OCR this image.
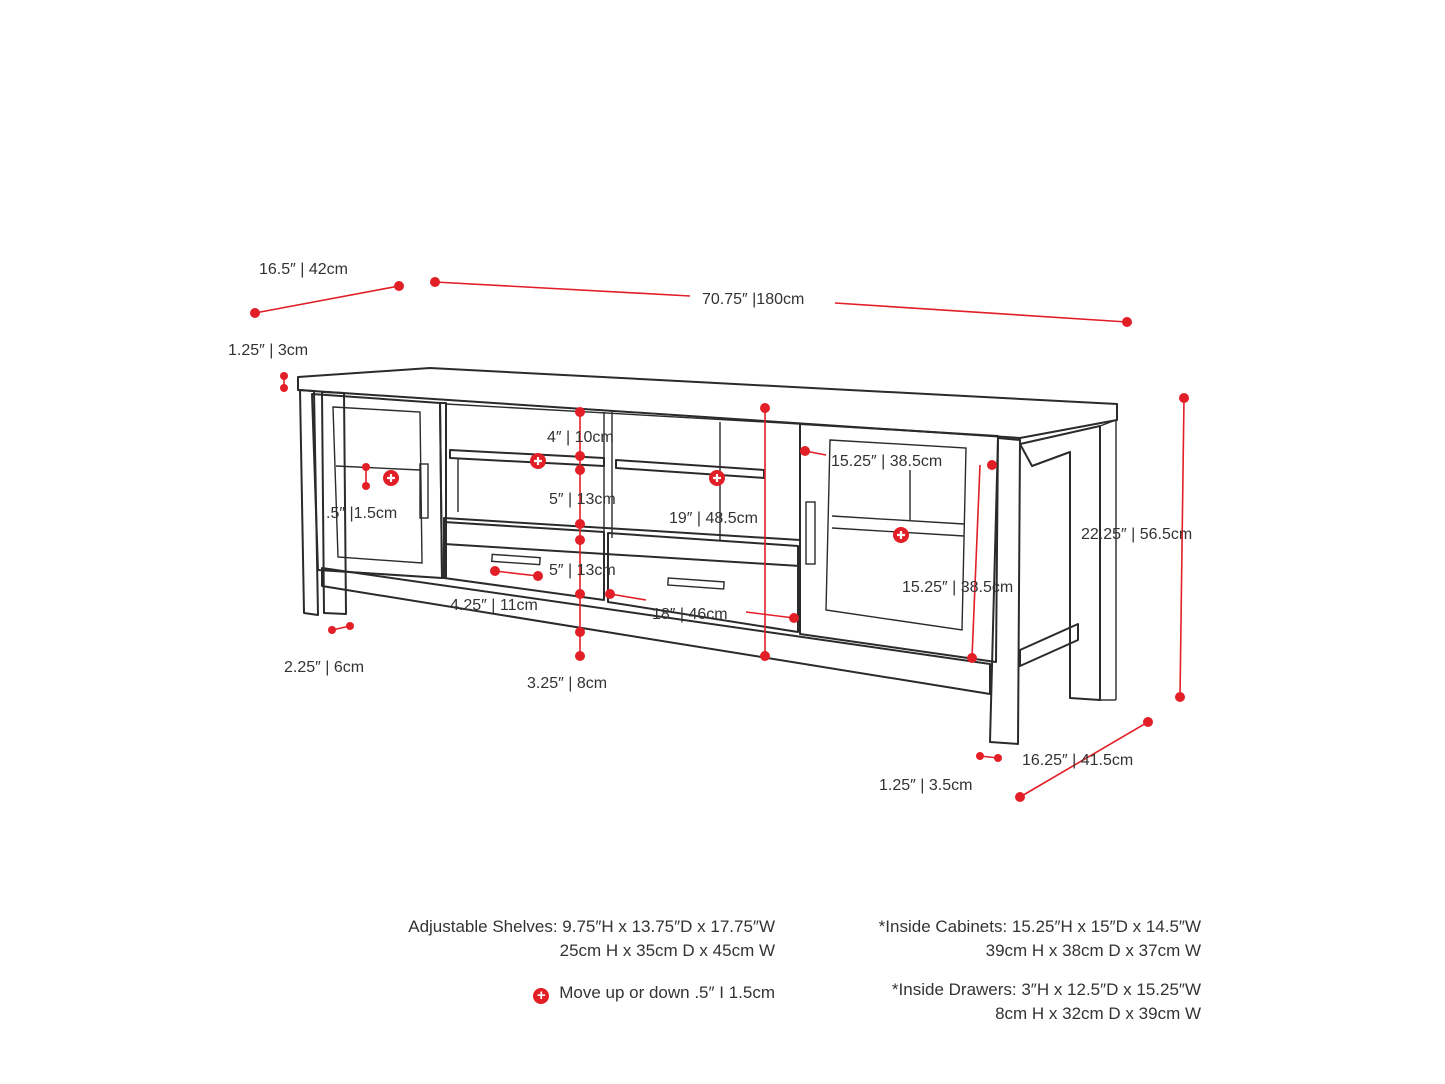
16.5″ | 42cm
70.75″ |180cm
1.25″ | 3cm
4″ | 10cm
5″ | 13cm
5″ | 13cm
19″ | 48.5cm
15.25″ | 38.5cm
15.25″ | 38.5cm
22.25″ | 56.5cm
.5″ |1.5cm
4.25″ | 11cm
18″ | 46cm
2.25″ | 6cm
3.25″ | 8cm
16.25″ | 41.5cm
1.25″ | 3.5cm
Adjustable Shelves: 9.75″H x 13.75″D x 17.75″W
25cm H x 35cm D x 45cm W
+ Move up or down .5″ I 1.5cm
*Inside Cabinets: 15.25″H x 15″D x 14.5″W
39cm H x 38cm D x 37cm W
*Inside Drawers: 3″H x 12.5″D x 15.25″W
8cm H x 32cm D x 39cm W
